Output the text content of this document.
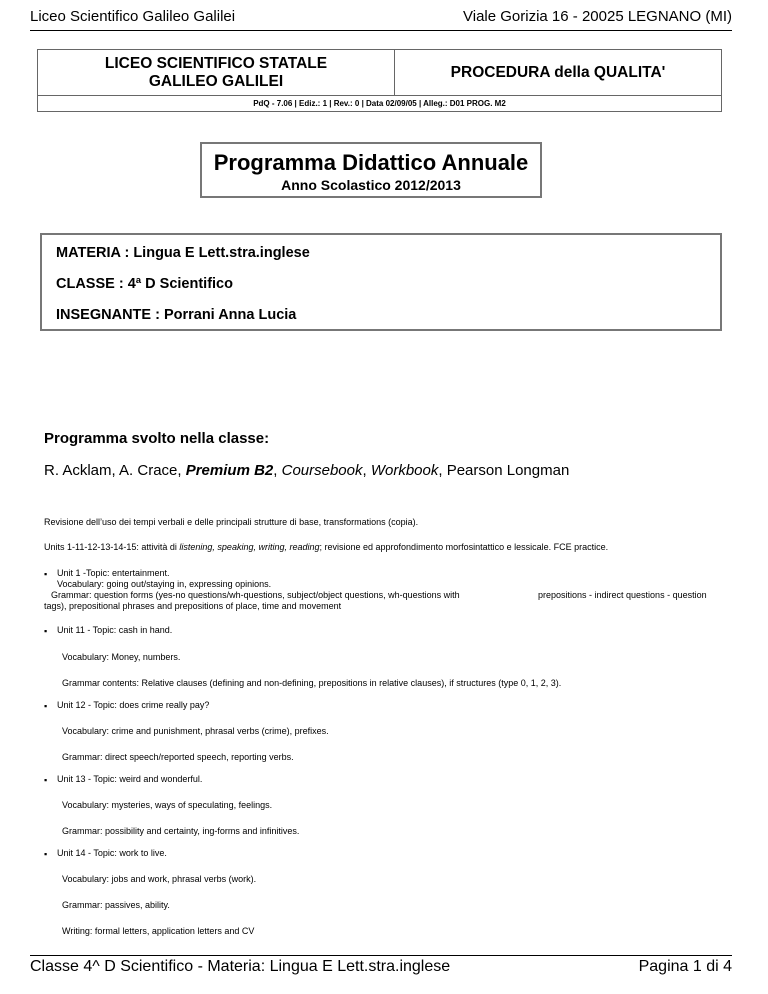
Liceo Scientifico Galileo Galilei	Viale Gorizia 16 - 20025 LEGNANO (MI)
LICEO SCIENTIFICO STATALE
GALILEO GALILEI
PROCEDURA della QUALITA'
PdQ - 7.06 | Ediz.: 1 | Rev.: 0 | Data 02/09/05 | Alleg.: D01 PROG. M2
Programma Didattico Annuale
Anno Scolastico 2012/2013
MATERIA : Lingua E Lett.stra.inglese
CLASSE : 4ª D Scientifico
INSEGNANTE : Porrani Anna Lucia
Programma svolto nella classe:
R. Acklam, A. Crace, Premium B2, Coursebook, Workbook, Pearson Longman
Revisione dell’uso dei tempi verbali e delle principali strutture di base, transformations (copia).
Units 1-11-12-13-14-15: attività di listening, speaking, writing, reading; revisione ed approfondimento morfosintattico e lessicale. FCE practice.
▪ Unit 1 -Topic: entertainment.
Vocabulary: going out/staying in, expressing opinions.
Grammar: question forms (yes-no questions/wh-questions, subject/object questions, wh-questions with	prepositions - indirect questions - question
tags), prepositional phrases and prepositions of place, time and movement
▪ Unit 11 - Topic: cash in hand.
Vocabulary: Money, numbers.
Grammar contents: Relative clauses (defining and non-defining, prepositions in relative clauses), if structures (type 0, 1, 2, 3).
▪ Unit 12 - Topic: does crime really pay?
Vocabulary: crime and punishment, phrasal verbs (crime), prefixes.
Grammar: direct speech/reported speech, reporting verbs.
▪ Unit 13 - Topic: weird and wonderful.
Vocabulary: mysteries, ways of speculating, feelings.
Grammar: possibility and certainty, ing-forms and infinitives.
▪ Unit 14 - Topic: work to live.
Vocabulary: jobs and work, phrasal verbs (work).
Grammar: passives, ability.
Writing: formal letters, application letters and CV
Classe 4^ D Scientifico - Materia: Lingua E Lett.stra.inglese	Pagina 1 di 4
